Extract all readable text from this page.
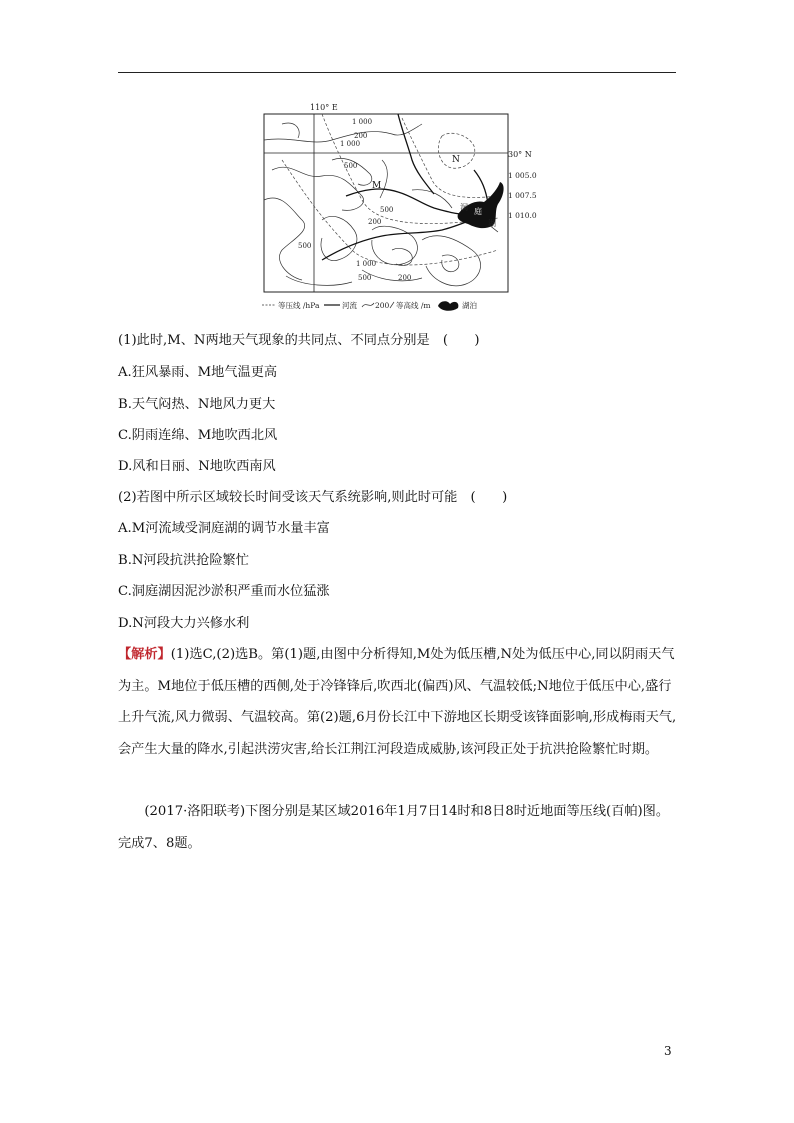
110° E
30° N
洞 庭
湖
1 000
200
1 000
500
500
200
500
1 000
500	200
1 005.0
1 007.5
1 010.0
M
N
等压线 /hPa	河流 200 等高线 /m	湖泊
(1)此时,M、N两地天气现象的共同点、不同点分别是　(　　)
A.狂风暴雨、M地气温更高
B.天气闷热、N地风力更大
C.阴雨连绵、M地吹西北风
D.风和日丽、N地吹西南风
(2)若图中所示区域较长时间受该天气系统影响,则此时可能　(　　)
A.M河流域受洞庭湖的调节水量丰富
B.N河段抗洪抢险繁忙
C.洞庭湖因泥沙淤积严重而水位猛涨
D.N河段大力兴修水利
【解析】(1)选C,(2)选B。第(1)题,由图中分析得知,M处为低压槽,N处为低压中心,同以阴雨天气为主。M地位于低压槽的西侧,处于冷锋锋后,吹西北(偏西)风、气温较低;N地位于低压中心,盛行上升气流,风力微弱、气温较高。第(2)题,6月份长江中下游地区长期受该锋面影响,形成梅雨天气,会产生大量的降水,引起洪涝灾害,给长江荆江河段造成威胁,该河段正处于抗洪抢险繁忙时期。
(2017·洛阳联考)下图分别是某区域2016年1月7日14时和8日8时近地面等压线(百帕)图。完成7、8题。
3
